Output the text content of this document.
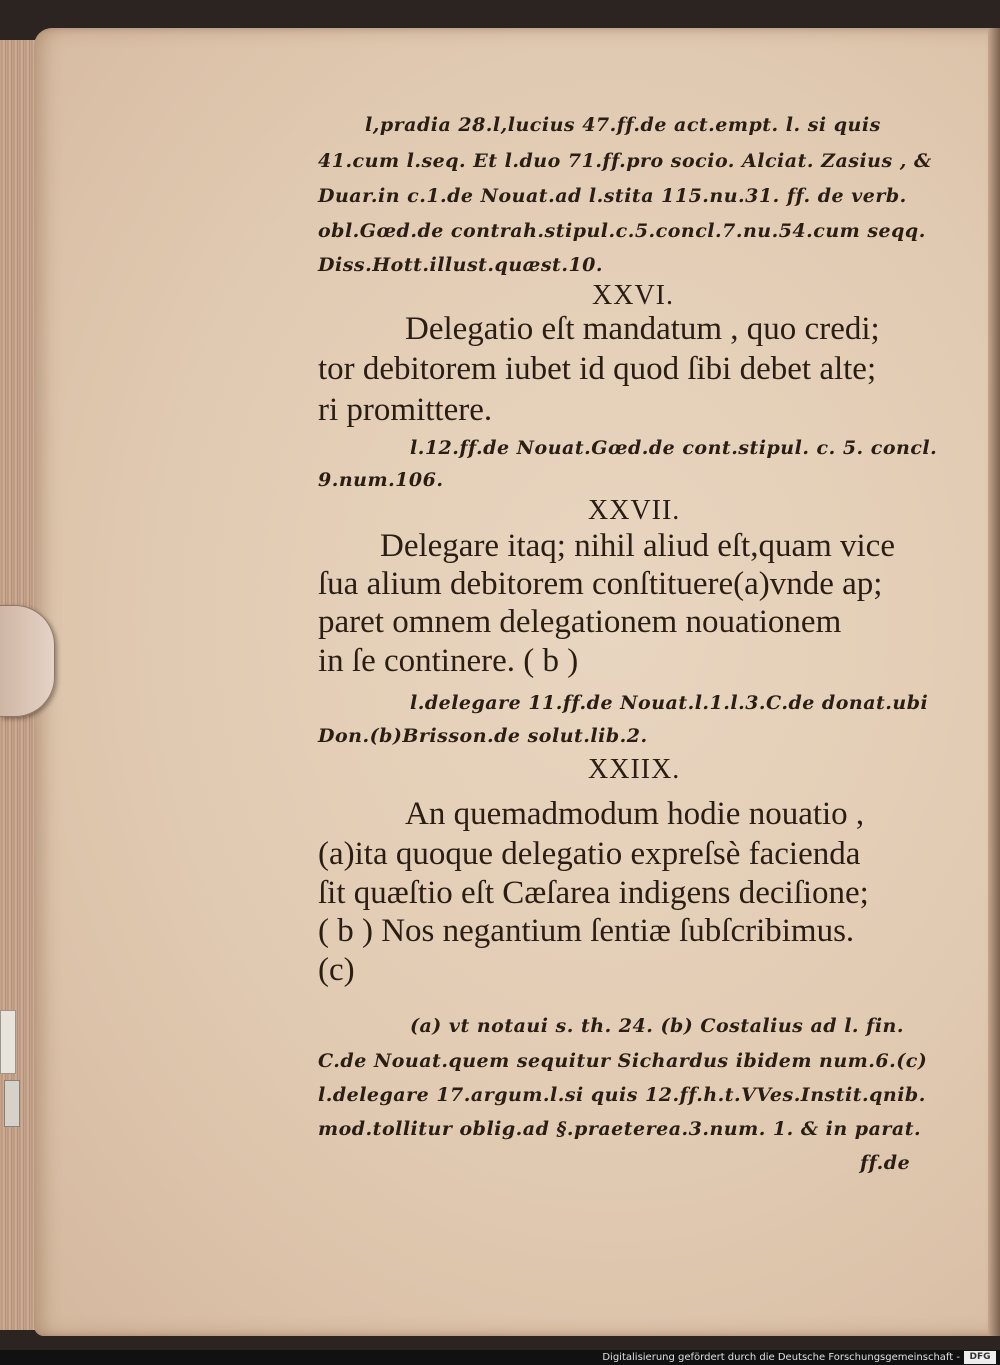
l,pradia 28.l,lucius 47.ff.de act.empt. l. si quis
41.cum l.seq. Et l.duo 71.ff.pro socio. Alciat. Zasius , &
Duar.in c.1.de Nouat.ad l.stita 115.nu.31. ff. de verb.
obl.Gœd.de contrah.stipul.c.5.concl.7.nu.54.cum seqq.
Diss.Hott.illust.quæst.10.
XXVI.
Delegatio eſt mandatum , quo credi;
tor debitorem iubet id quod ſibi debet alte;
ri promittere.
l.12.ff.de Nouat.Gœd.de cont.stipul. c. 5. concl.
9.num.106.
XXVII.
Delegare itaq; nihil aliud eſt,quam vice
ſua alium debitorem conſtituere(a)vnde ap;
paret omnem delegationem nouationem
in ſe continere. ( b )
l.delegare 11.ff.de Nouat.l.1.l.3.C.de donat.ubi
Don.(b)Brisson.de solut.lib.2.
XXIIX.
An quemadmodum hodie nouatio ,
(a)ita quoque delegatio expreſsè facienda
ſit quæſtio eſt Cæſarea indigens deciſione;
( b ) Nos negantium ſentiæ ſubſcribimus.
(c)
(a) vt notaui s. th. 24. (b) Costalius ad l. fin.
C.de Nouat.quem sequitur Sichardus ibidem num.6.(c)
l.delegare 17.argum.l.si quis 12.ff.h.t.VVes.Instit.qnib.
mod.tollitur oblig.ad §.praeterea.3.num. 1. & in parat.
ff.de
Digitalisierung gefördert durch die Deutsche Forschungsgemeinschaft -	DFG
